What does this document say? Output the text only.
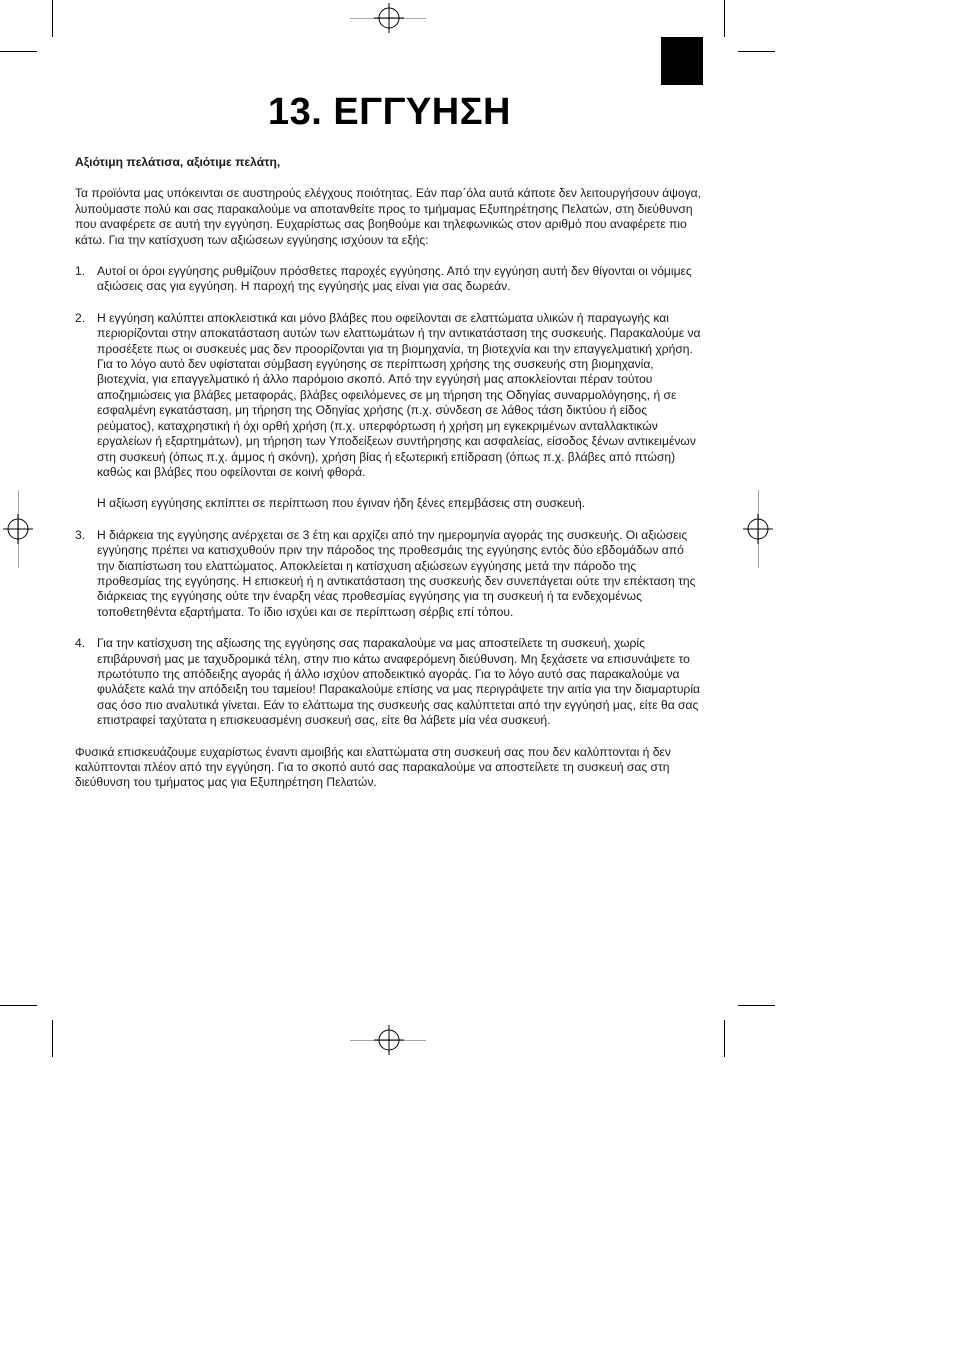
13. ΕΓΓΥΗΣΗ

Αξιότιμη πελάτισα, αξιότιμε πελάτη,

Τα προϊόντα μας υπόκεινται σε αυστηρούς ελέγχους ποιότητας. Εάν παρ΄όλα αυτά κάποτε δεν λειτουργήσουν άψογα, λυπούμαστε πολύ και σας παρακαλούμε να αποτανθείτε προς το τμήμαμας Εξυπηρέτησης Πελατών, στη διεύθυνση που αναφέρετε σε αυτή την εγγύηση. Ευχαρίστως σας βοηθούμε και τηλεφωνικώς στον αριθμό που αναφέρετε πιο κάτω. Για την κατίσχυση των αξιώσεων εγγύησης ισχύουν τα εξής:

1. Αυτοί οι όροι εγγύησης ρυθμίζουν πρόσθετες παροχές εγγύησης. Από την εγγύηση αυτή δεν θίγονται οι νόμιμες αξιώσεις σας για εγγύηση. Η παροχή της εγγύησής μας είναι για σας δωρεάν.
2. Η εγγύηση καλύπτει αποκλειστικά και μόνο βλάβες που οφείλονται σε ελαττώματα υλικών ή παραγωγής και περιορίζονται στην αποκατάσταση αυτών των ελαττωμάτων ή την αντικατάσταση της συσκευής. Παρακαλούμε να προσέξετε πως οι συσκευές μας δεν προορίζονται για τη βιομηχανία, τη βιοτεχνία και την επαγγελματική χρήση. Για το λόγο αυτό δεν υφίσταται σύμβαση εγγύησης σε περίπτωση χρήσης της συσκευής στη βιομηχανία, βιοτεχνία, για επαγγελματικό ή άλλο παρόμοιο σκοπό. Από την εγγύησή μας αποκλείονται πέραν τούτου αποζημιώσεις για βλάβες μεταφοράς, βλάβες οφειλόμενες σε μη τήρηση της Οδηγίας συναρμολόγησης, ή σε εσφαλμένη εγκατάσταση, μη τήρηση της Οδηγίας χρήσης (π.χ. σύνδεση σε λάθος τάση δικτύου ή είδος ρεύματος), καταχρηστική ή όχι ορθή χρήση (π.χ. υπερφόρτωση ή χρήση μη εγκεκριμένων ανταλλακτικών εργαλείων ή εξαρτημάτων), μη τήρηση των Υποδείξεων συντήρησης και ασφαλείας, είσοδος ξένων αντικειμένων στη συσκευή (όπως π.χ. άμμος ή σκόνη), χρήση βίας ή εξωτερική επίδραση (όπως π.χ. βλάβες από πτώση) καθώς και βλάβες που οφείλονται σε κοινή φθορά.
Η αξίωση εγγύησης εκπίπτει σε περίπτωση που έγιναν ήδη ξένες επεμβάσεις στη συσκευή.
3. Η διάρκεια της εγγύησης ανέρχεται σε 3 έτη και αρχίζει από την ημερομηνία αγοράς της συσκευής. Οι αξιώσεις εγγύησης πρέπει να κατισχυθούν πριν την πάροδος της προθεσμάις της εγγύησης εντός δύο εβδομάδων από την διαπίστωση του ελαττώματος. Αποκλείεται η κατίσχυση αξιώσεων εγγύησης μετά την πάροδο της προθεσμίας της εγγύησης. Η επισκευή ή η αντικατάσταση της συσκευής δεν συνεπάγεται ούτε την επέκταση της διάρκειας της εγγύησης ούτε την έναρξη νέας προθεσμίας εγγύησης για τη συσκευή ή τα ενδεχομένως τοποθετηθέντα εξαρτήματα. Το ίδιο ισχύει και σε περίπτωση σέρβις επί τόπου.
4. Για την κατίσχυση της αξίωσης της εγγύησης σας παρακαλούμε να μας αποστείλετε τη συσκευή, χωρίς επιβάρυνσή μας με ταχυδρομικά τέλη, στην πιο κάτω αναφερόμενη διεύθυνση. Μη ξεχάσετε να επισυνάψετε το πρωτότυπο της απόδειξης αγοράς ή άλλο ισχύον αποδεικτικό αγοράς. Για το λόγο αυτό σας παρακαλούμε να φυλάξετε καλά την απόδειξη του ταμείου! Παρακαλούμε επίσης να μας περιγράψετε την αιτία για την διαμαρτυρία σας όσο πιο αναλυτικά γίνεται. Εάν το ελάττωμα της συσκευής σας καλύπτεται από την εγγύησή μας, είτε θα σας επιστραφεί ταχύτατα η επισκευασμένη συσκευή σας, είτε θα λάβετε μία νέα συσκευή.

Φυσικά επισκευάζουμε ευχαρίστως έναντι αμοιβής και ελαττώματα στη συσκευή σας που δεν καλύπτονται ή δεν καλύπτονται πλέον από την εγγύηση. Για το σκοπό αυτό σας παρακαλούμε να αποστείλετε τη συσκευή σας στη διεύθυνση του τμήματος μας για Εξυπηρέτηση Πελατών.
